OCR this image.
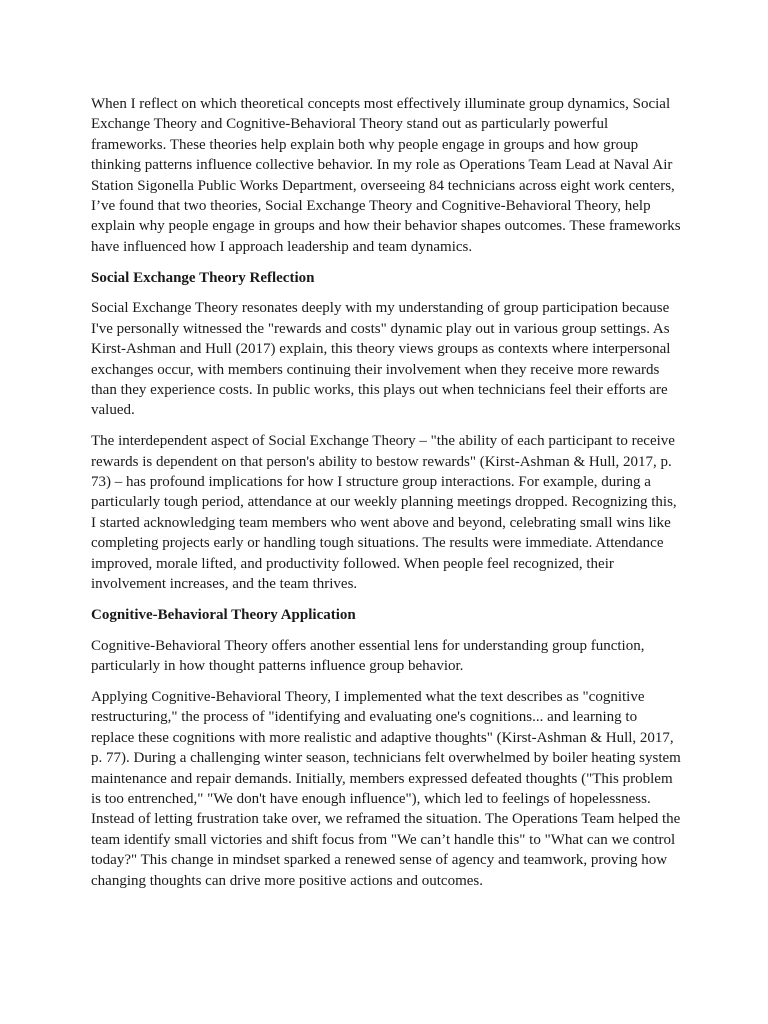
When I reflect on which theoretical concepts most effectively illuminate group dynamics, Social Exchange Theory and Cognitive-Behavioral Theory stand out as particularly powerful frameworks. These theories help explain both why people engage in groups and how group thinking patterns influence collective behavior. In my role as Operations Team Lead at Naval Air Station Sigonella Public Works Department, overseeing 84 technicians across eight work centers, I’ve found that two theories, Social Exchange Theory and Cognitive-Behavioral Theory, help explain why people engage in groups and how their behavior shapes outcomes. These frameworks have influenced how I approach leadership and team dynamics.

Social Exchange Theory Reflection

Social Exchange Theory resonates deeply with my understanding of group participation because I've personally witnessed the "rewards and costs" dynamic play out in various group settings. As Kirst-Ashman and Hull (2017) explain, this theory views groups as contexts where interpersonal exchanges occur, with members continuing their involvement when they receive more rewards than they experience costs. In public works, this plays out when technicians feel their efforts are valued.

The interdependent aspect of Social Exchange Theory – "the ability of each participant to receive rewards is dependent on that person's ability to bestow rewards" (Kirst-Ashman & Hull, 2017, p. 73) – has profound implications for how I structure group interactions. For example, during a particularly tough period, attendance at our weekly planning meetings dropped. Recognizing this, I started acknowledging team members who went above and beyond, celebrating small wins like completing projects early or handling tough situations. The results were immediate. Attendance improved, morale lifted, and productivity followed. When people feel recognized, their involvement increases, and the team thrives.

Cognitive-Behavioral Theory Application

Cognitive-Behavioral Theory offers another essential lens for understanding group function, particularly in how thought patterns influence group behavior.

Applying Cognitive-Behavioral Theory, I implemented what the text describes as "cognitive restructuring," the process of "identifying and evaluating one's cognitions... and learning to replace these cognitions with more realistic and adaptive thoughts" (Kirst-Ashman & Hull, 2017, p. 77). During a challenging winter season, technicians felt overwhelmed by boiler heating system maintenance and repair demands. Initially, members expressed defeated thoughts ("This problem is too entrenched," "We don't have enough influence"), which led to feelings of hopelessness. Instead of letting frustration take over, we reframed the situation. The Operations Team helped the team identify small victories and shift focus from "We can’t handle this" to "What can we control today?" This change in mindset sparked a renewed sense of agency and teamwork, proving how changing thoughts can drive more positive actions and outcomes.
